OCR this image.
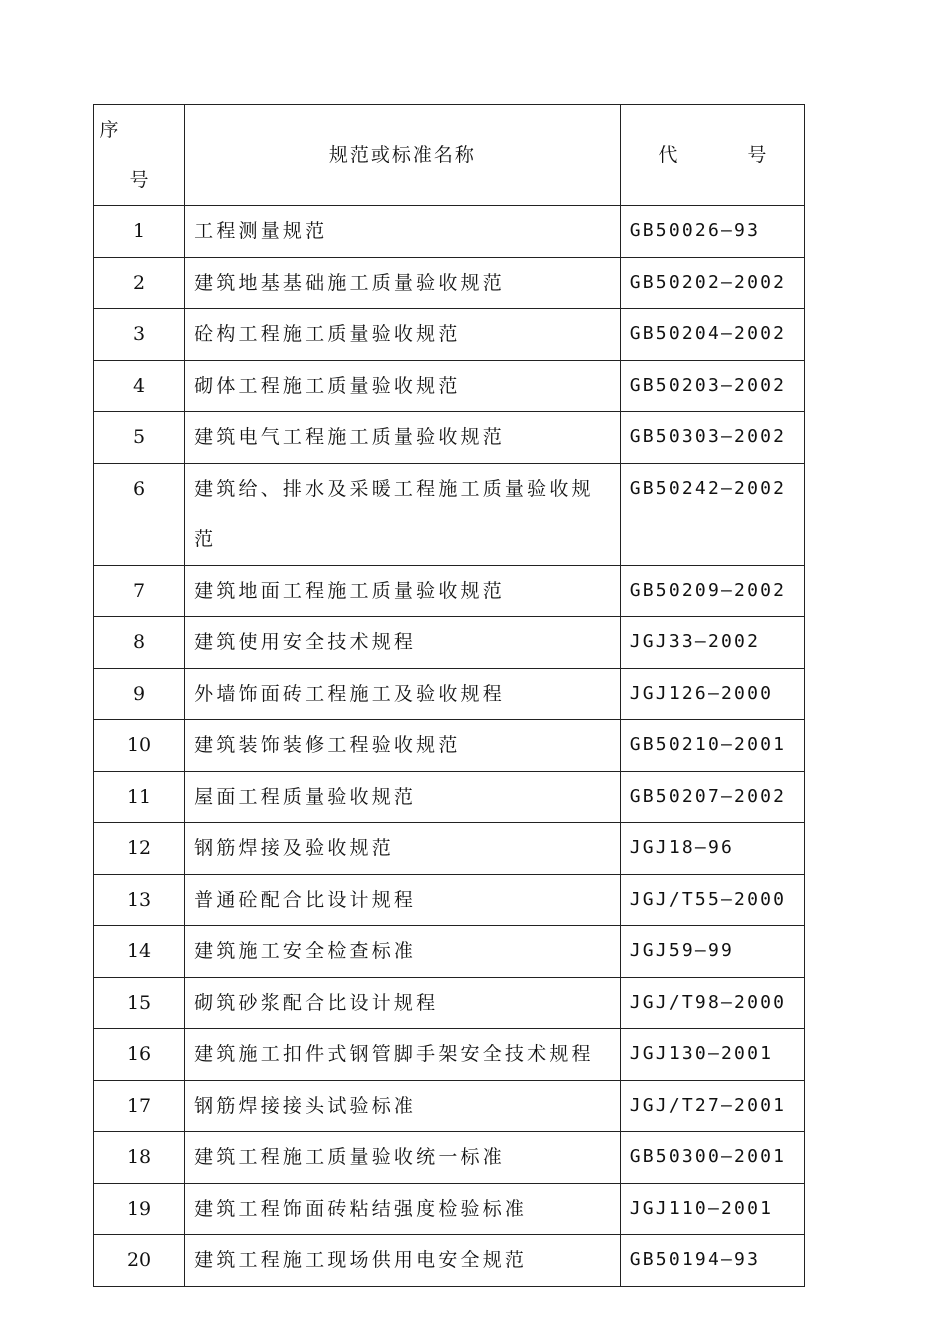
序号	规范或标准名称	代 号
1	工程测量规范	GB50026—93
2	建筑地基基础施工质量验收规范	GB50202—2002
3	砼构工程施工质量验收规范	GB50204—2002
4	砌体工程施工质量验收规范	GB50203—2002
5	建筑电气工程施工质量验收规范	GB50303—2002
6	建筑给、排水及采暖工程施工质量验收规范	GB50242—2002
7	建筑地面工程施工质量验收规范	GB50209—2002
8	建筑使用安全技术规程	JGJ33—2002
9	外墙饰面砖工程施工及验收规程	JGJ126—2000
10	建筑装饰装修工程验收规范	GB50210—2001
11	屋面工程质量验收规范	GB50207—2002
12	钢筋焊接及验收规范	JGJ18—96
13	普通砼配合比设计规程	JGJ/T55—2000
14	建筑施工安全检查标准	JGJ59—99
15	砌筑砂浆配合比设计规程	JGJ/T98—2000
16	建筑施工扣件式钢管脚手架安全技术规程	JGJ130—2001
17	钢筋焊接接头试验标准	JGJ/T27—2001
18	建筑工程施工质量验收统一标准	GB50300—2001
19	建筑工程饰面砖粘结强度检验标准	JGJ110—2001
20	建筑工程施工现场供用电安全规范	GB50194—93
